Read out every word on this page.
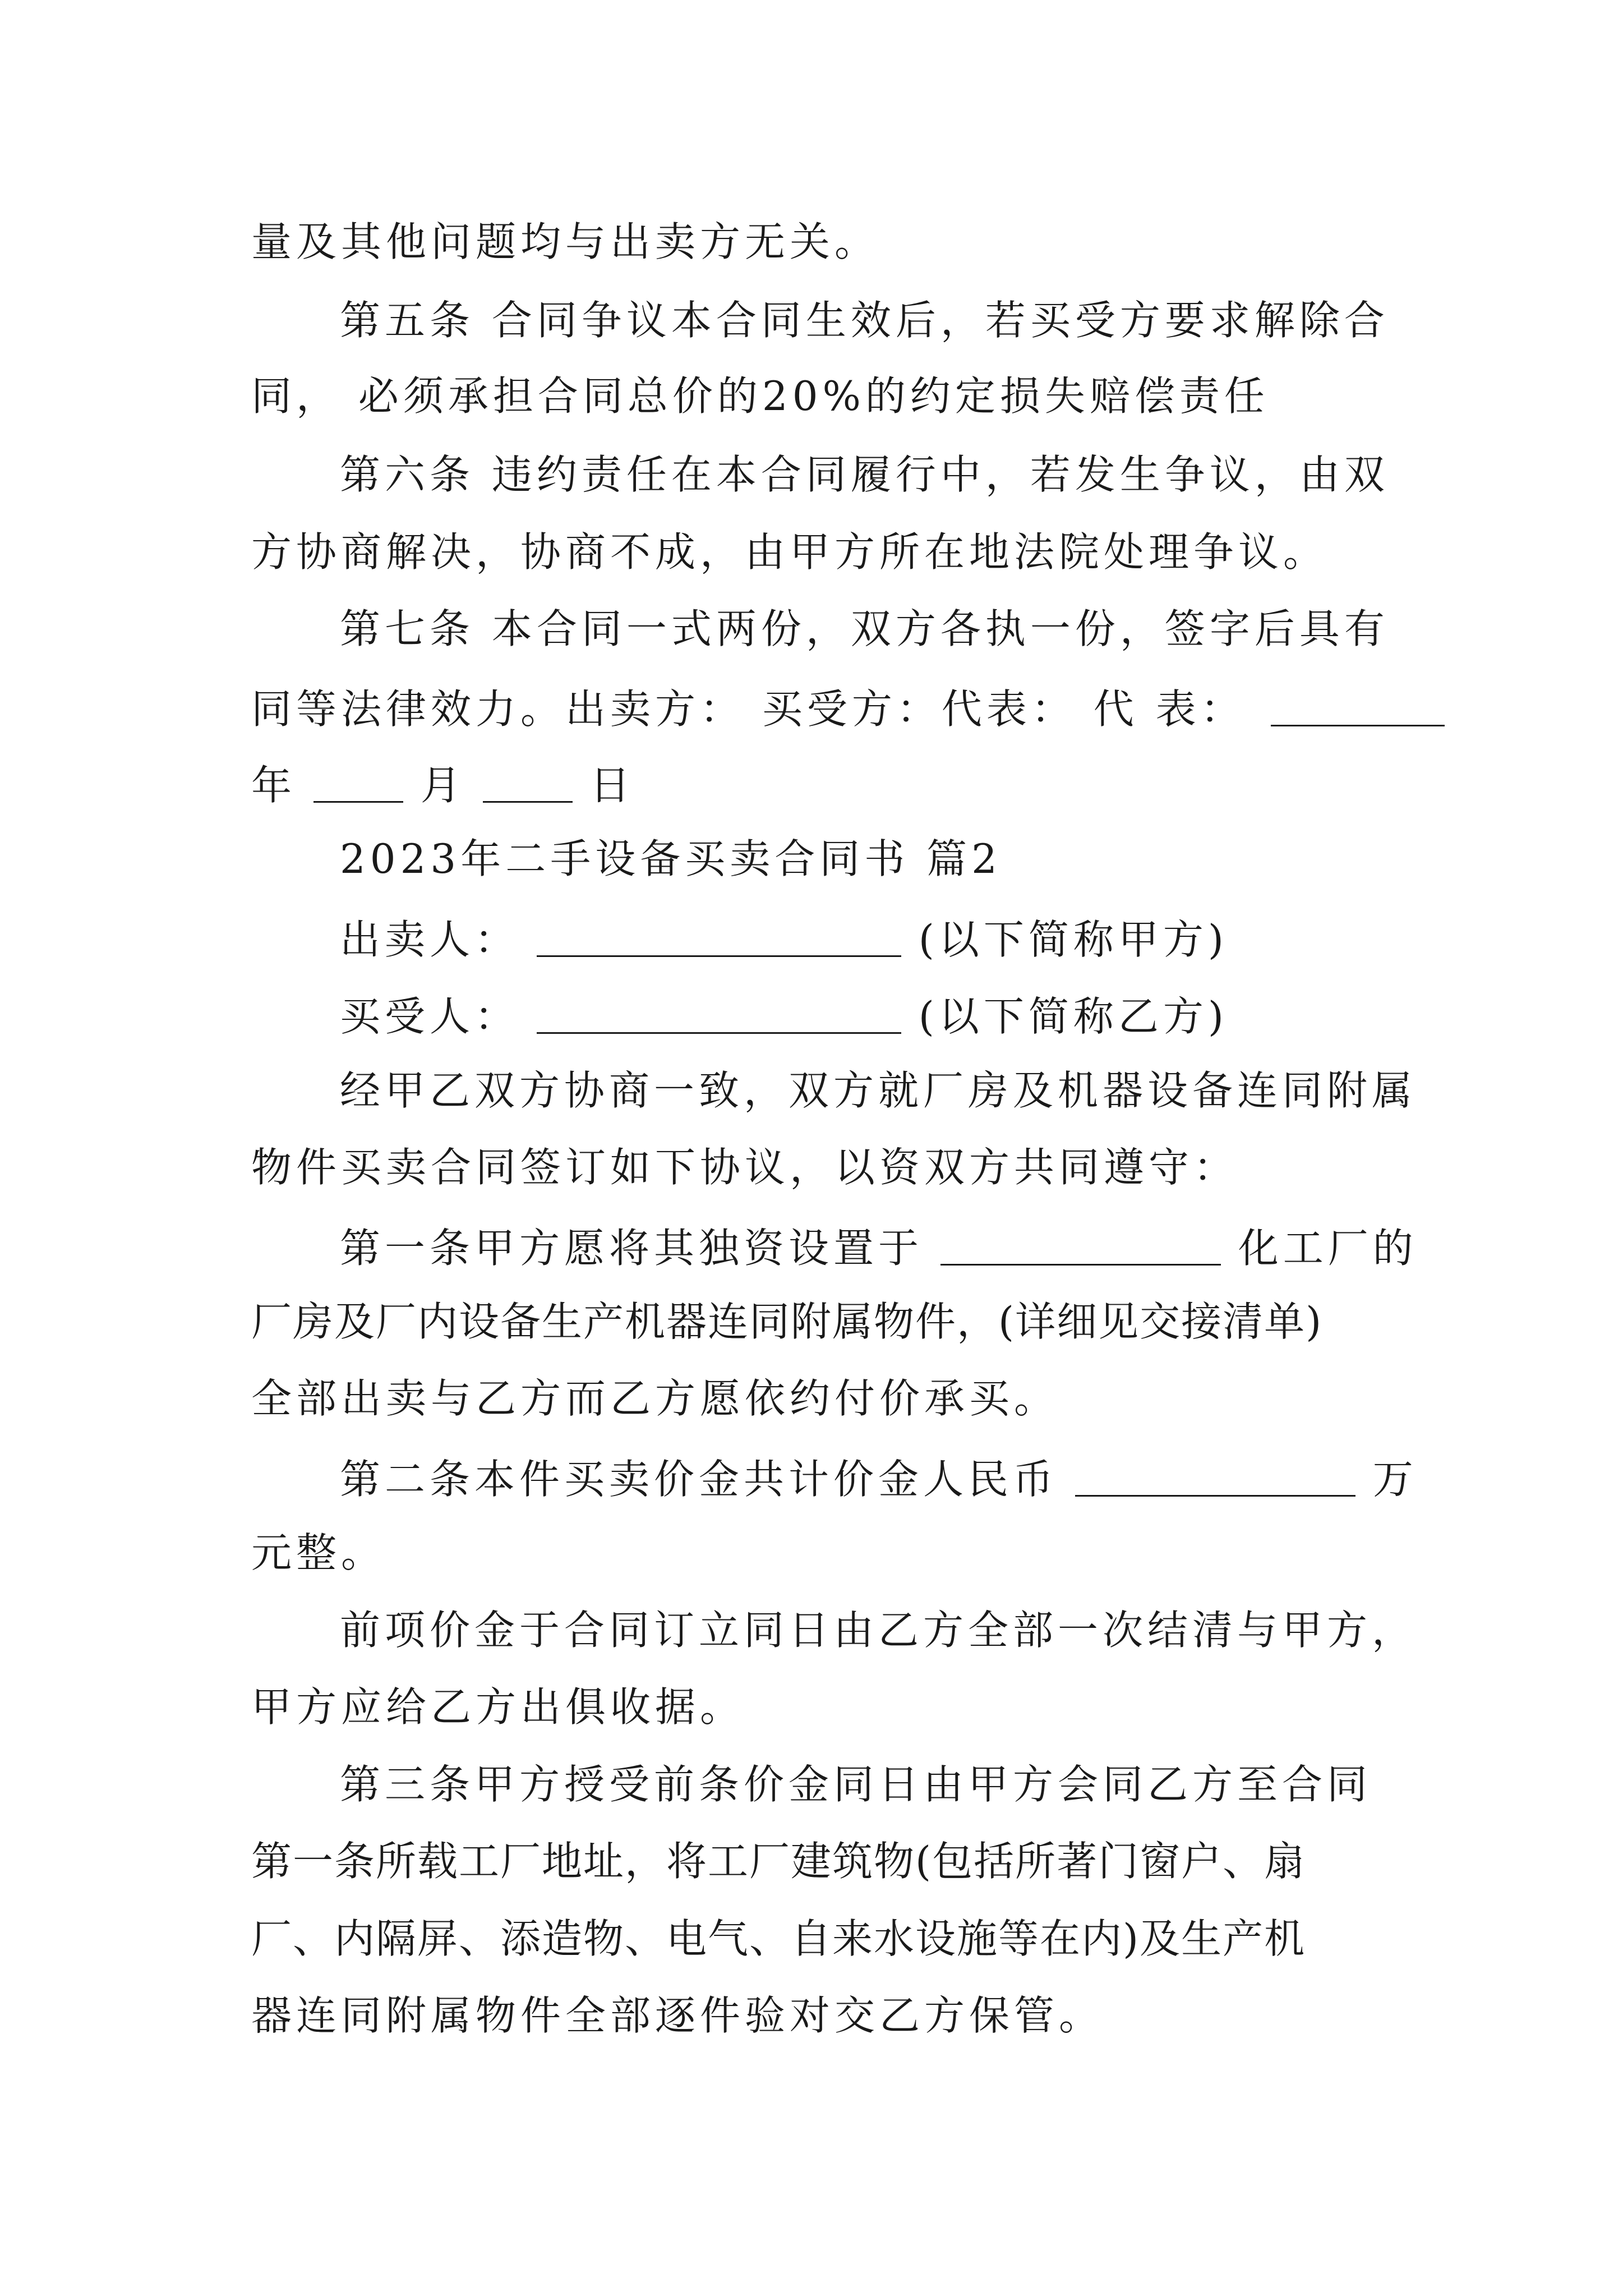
量及其他问题均与出卖方无关。
第五条 合同争议本合同生效后，若买受方要求解除合
同， 必须承担合同总价的20%的约定损失赔偿责任
第六条 违约责任在本合同履行中，若发生争议，由双
方协商解决，协商不成，由甲方所在地法院处理争议。
第七条 本合同一式两份，双方各执一份，签字后具有
同等法律效力。出卖方： 买受方：代表： 代 表：
年	月	日
2023年二手设备买卖合同书 篇2
出卖人：	(以下简称甲方)
买受人：	(以下简称乙方)
经甲乙双方协商一致，双方就厂房及机器设备连同附属
物件买卖合同签订如下协议，以资双方共同遵守：
第一条甲方愿将其独资设置于	化工厂的
厂房及厂内设备生产机器连同附属物件，(详细见交接清单)
全部出卖与乙方而乙方愿依约付价承买。
第二条本件买卖价金共计价金人民币	万
元整。
前项价金于合同订立同日由乙方全部一次结清与甲方，
甲方应给乙方出俱收据。
第三条甲方授受前条价金同日由甲方会同乙方至合同
第一条所载工厂地址，将工厂建筑物(包括所著门窗户、扇
厂、内隔屏、添造物、电气、自来水设施等在内)及生产机
器连同附属物件全部逐件验对交乙方保管。
